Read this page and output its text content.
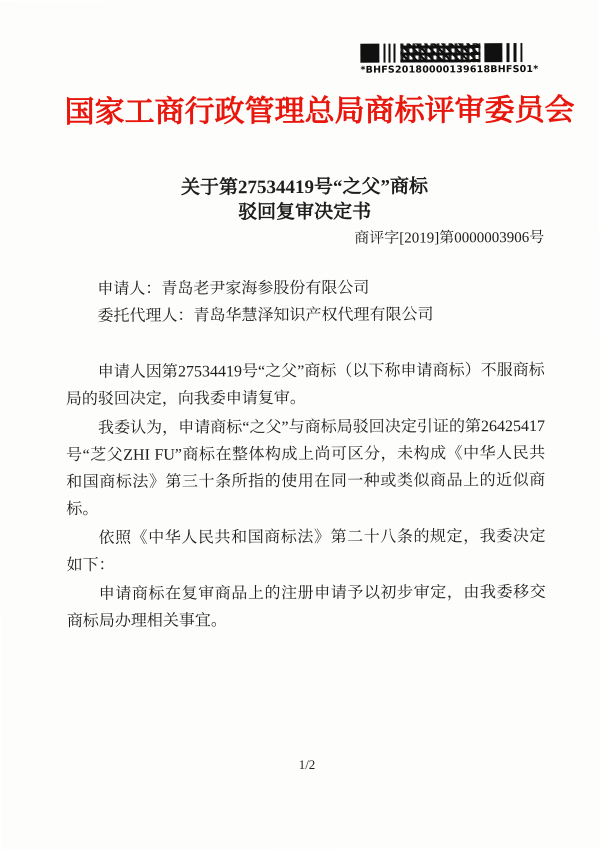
*BHFS20180000139618BHFS01*
国家工商行政管理总局商标评审委员会
关于第27534419号“之父”商标
驳回复审决定书
商评字[2019]第0000003906号
申请人：青岛老尹家海参股份有限公司
委托代理人：青岛华慧泽知识产权代理有限公司

申请人因第27534419号“之父”商标（以下称申请商标）不服商标局的驳回决定，向我委申请复审。

我委认为，申请商标“之父”与商标局驳回决定引证的第26425417号“芝父ZHI FU”商标在整体构成上尚可区分，未构成《中华人民共和国商标法》第三十条所指的使用在同一种或类似商品上的近似商标。

依照《中华人民共和国商标法》第二十八条的规定，我委决定如下：

申请商标在复审商品上的注册申请予以初步审定，由我委移交商标局办理相关事宜。

1/2
